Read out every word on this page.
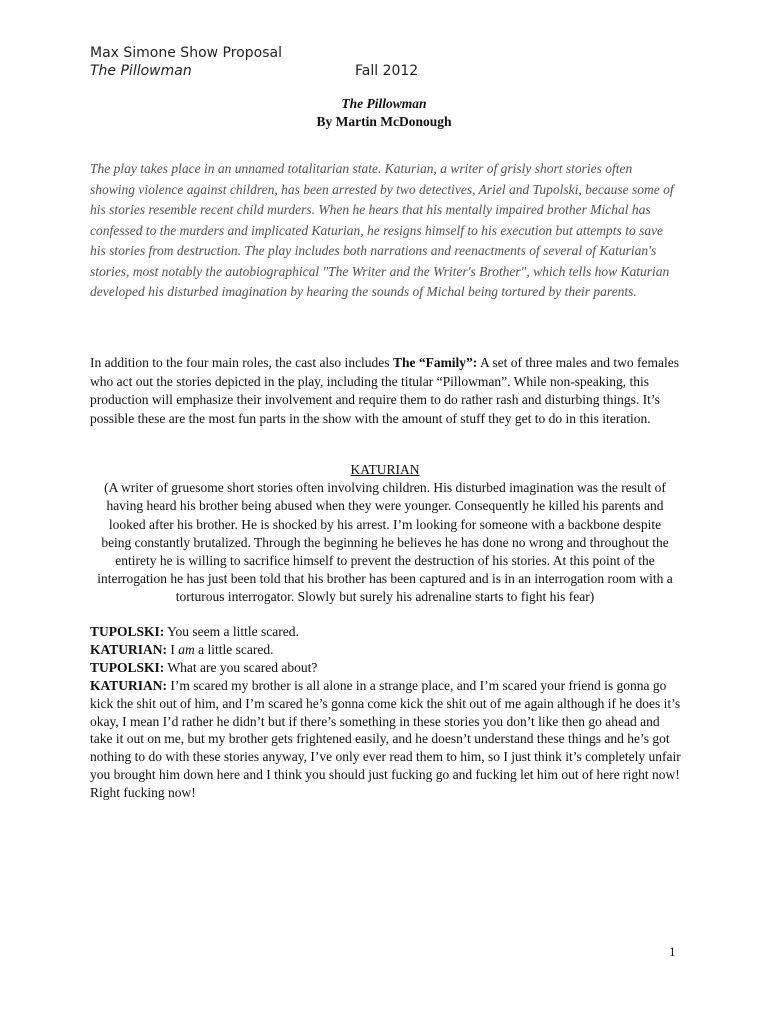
Max Simone Show Proposal
The Pillowman	Fall 2012
The Pillowman
By Martin McDonough

The play takes place in an unnamed totalitarian state. Katurian, a writer of grisly short stories often showing violence against children, has been arrested by two detectives, Ariel and Tupolski, because some of his stories resemble recent child murders. When he hears that his mentally impaired brother Michal has confessed to the murders and implicated Katurian, he resigns himself to his execution but attempts to save his stories from destruction. The play includes both narrations and reenactments of several of Katurian's stories, most notably the autobiographical "The Writer and the Writer's Brother", which tells how Katurian developed his disturbed imagination by hearing the sounds of Michal being tortured by their parents.

In addition to the four main roles, the cast also includes The “Family”: A set of three males and two females who act out the stories depicted in the play, including the titular “Pillowman”. While non-speaking, this production will emphasize their involvement and require them to do rather rash and disturbing things. It’s possible these are the most fun parts in the show with the amount of stuff they get to do in this iteration.

KATURIAN
(A writer of gruesome short stories often involving children. His disturbed imagination was the result of having heard his brother being abused when they were younger. Consequently he killed his parents and looked after his brother. He is shocked by his arrest. I’m looking for someone with a backbone despite being constantly brutalized. Through the beginning he believes he has done no wrong and throughout the entirety he is willing to sacrifice himself to prevent the destruction of his stories. At this point of the interrogation he has just been told that his brother has been captured and is in an interrogation room with a torturous interrogator. Slowly but surely his adrenaline starts to fight his fear)

TUPOLSKI: You seem a little scared.

KATURIAN: I am a little scared.

TUPOLSKI: What are you scared about?

KATURIAN: I’m scared my brother is all alone in a strange place, and I’m scared your friend is gonna go kick the shit out of him, and I’m scared he’s gonna come kick the shit out of me again although if he does it’s okay, I mean I’d rather he didn’t but if there’s something in these stories you don’t like then go ahead and take it out on me, but my brother gets frightened easily, and he doesn’t understand these things and he’s got nothing to do with these stories anyway, I’ve only ever read them to him, so I just think it’s completely unfair you brought him down here and I think you should just fucking go and fucking let him out of here right now! Right fucking now!

1
